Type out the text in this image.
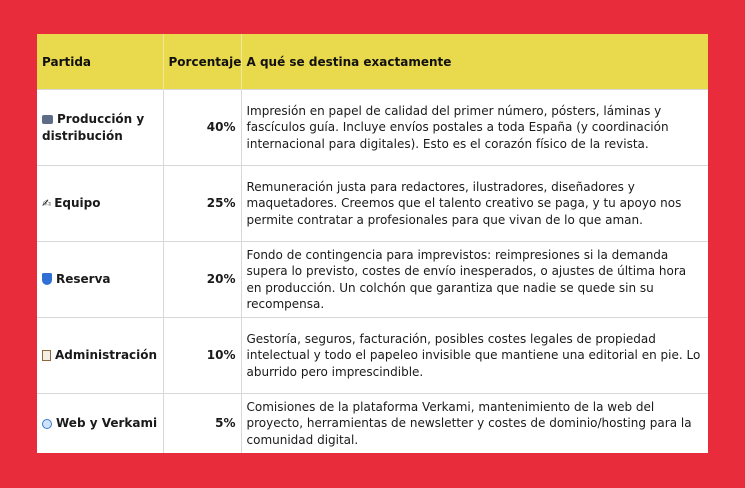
Partida	Porcentaje	A qué se destina exactamente
Producción y distribución	40%	Impresión en papel de calidad del primer número, pósters, láminas y fascículos guía. Incluye envíos postales a toda España (y coordinación internacional para digitales). Esto es el corazón físico de la revista.
✍ Equipo	25%	Remuneración justa para redactores, ilustradores, diseñadores y maquetadores. Creemos que el talento creativo se paga, y tu apoyo nos permite contratar a profesionales para que vivan de lo que aman.
Reserva	20%	Fondo de contingencia para imprevistos: reimpresiones si la demanda supera lo previsto, costes de envío inesperados, o ajustes de última hora en producción. Un colchón que garantiza que nadie se quede sin su recompensa.
Administración	10%	Gestoría, seguros, facturación, posibles costes legales de propiedad intelectual y todo el papeleo invisible que mantiene una editorial en pie. Lo aburrido pero imprescindible.
Web y Verkami	5%	Comisiones de la plataforma Verkami, mantenimiento de la web del proyecto, herramientas de newsletter y costes de dominio/hosting para la comunidad digital.
